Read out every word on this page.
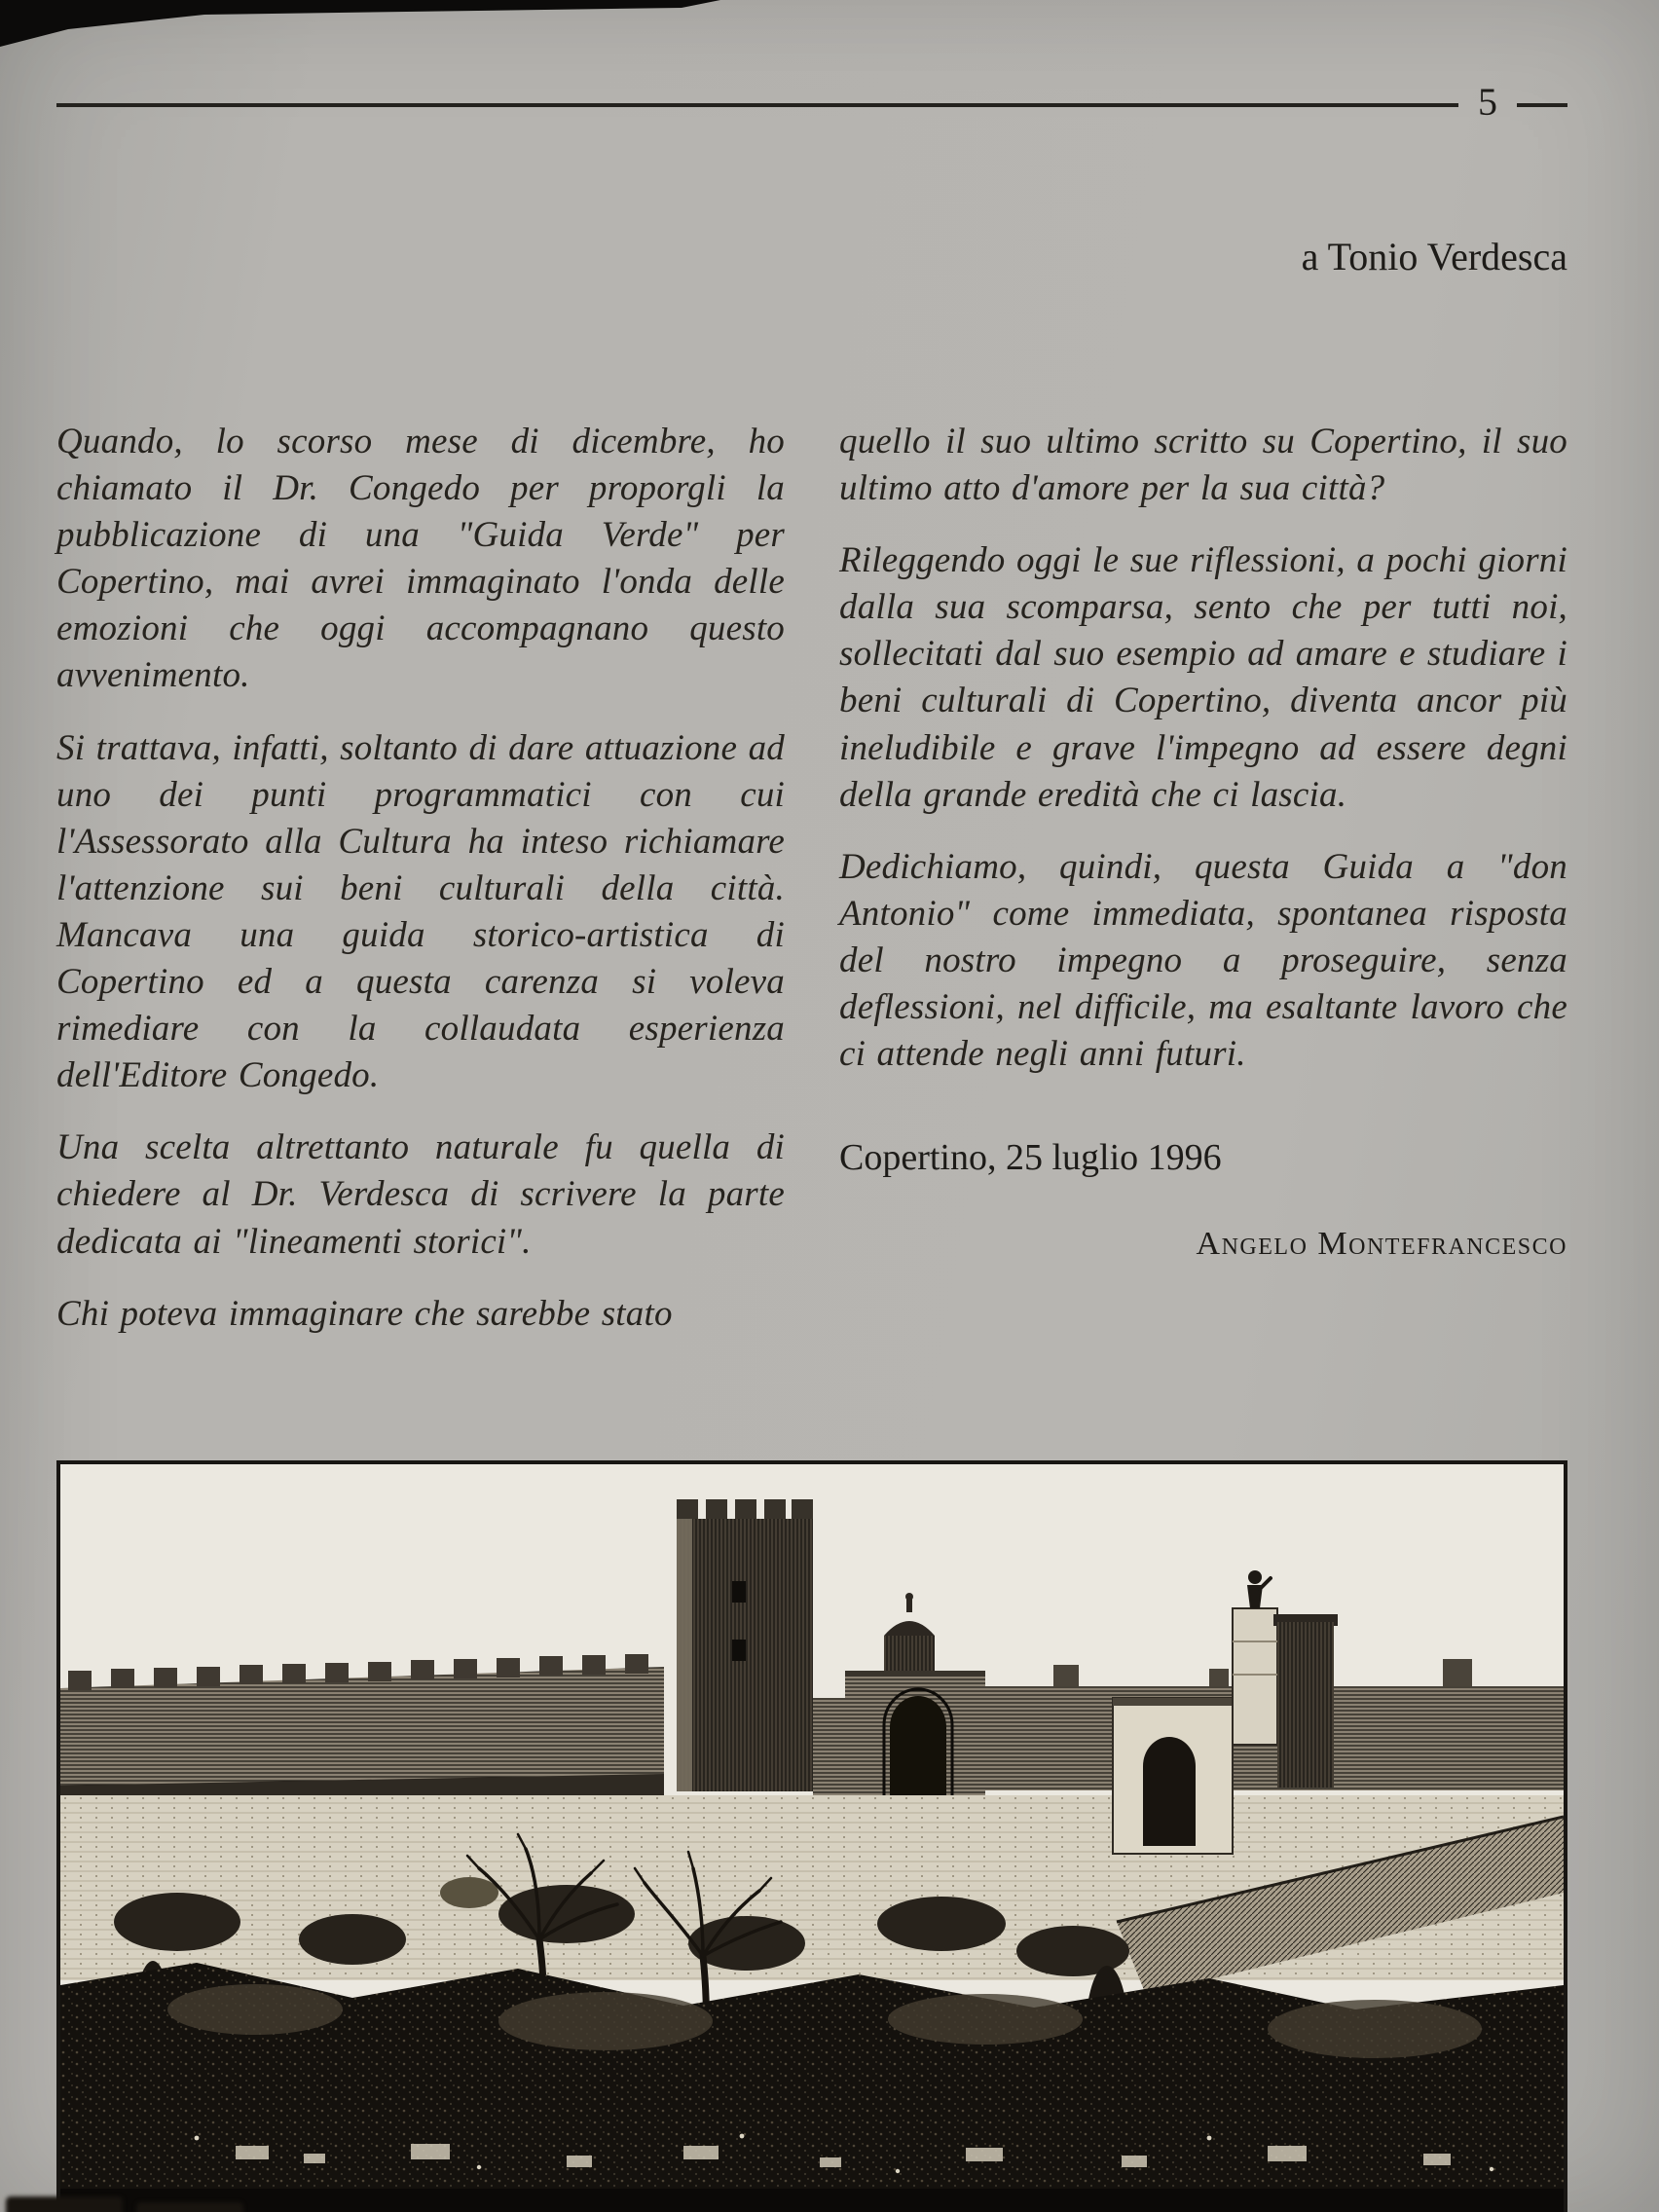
5
a Tonio Verdesca

Quando, lo scorso mese di dicembre, ho chiamato il Dr. Congedo per proporgli la pubblicazione di una "Guida Verde" per Copertino, mai avrei immaginato l'onda delle emozioni che oggi accompagnano questo avvenimento.

Si trattava, infatti, soltanto di dare attuazione ad uno dei punti programmatici con cui l'Assessorato alla Cultura ha inteso richiamare l'attenzione sui beni culturali della città. Mancava una guida storico-artistica di Copertino ed a questa carenza si voleva rimediare con la collaudata esperienza dell'Editore Congedo.

Una scelta altrettanto naturale fu quella di chiedere al Dr. Verdesca di scrivere la parte dedicata ai "lineamenti storici".

Chi poteva immaginare che sarebbe stato

quello il suo ultimo scritto su Copertino, il suo ultimo atto d'amore per la sua città?

Rileggendo oggi le sue riflessioni, a pochi giorni dalla sua scomparsa, sento che per tutti noi, sollecitati dal suo esempio ad amare e studiare i beni culturali di Copertino, diventa ancor più ineludibile e grave l'impegno ad essere degni della grande eredità che ci lascia.

Dedichiamo, quindi, questa Guida a "don Antonio" come immediata, spontanea risposta del nostro impegno a proseguire, senza deflessioni, nel difficile, ma esaltante lavoro che ci attende negli anni futuri.

Copertino, 25 luglio 1996

Angelo Montefrancesco
